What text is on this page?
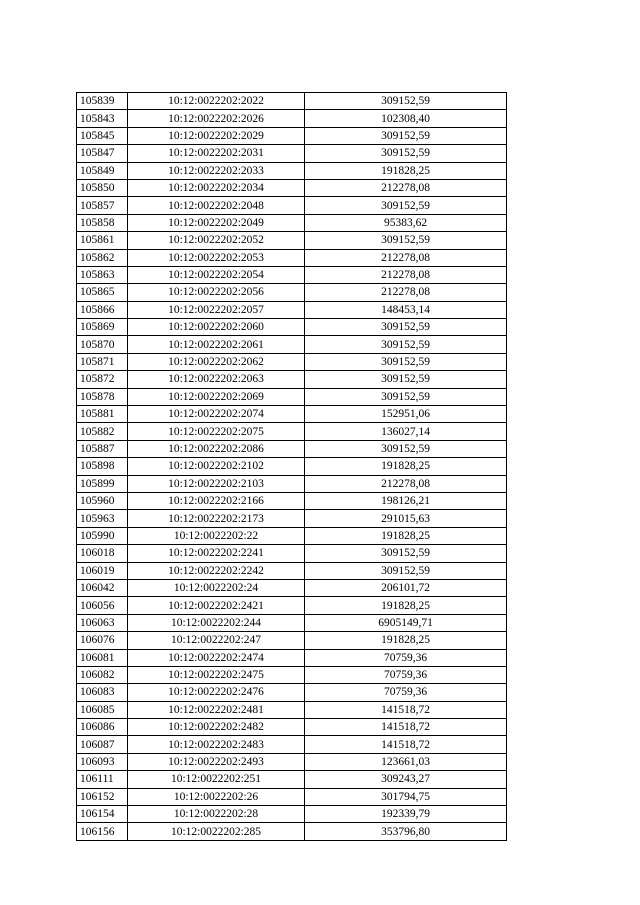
105839	10:12:0022202:2022	309152,59
105843	10:12:0022202:2026	102308,40
105845	10:12:0022202:2029	309152,59
105847	10:12:0022202:2031	309152,59
105849	10:12:0022202:2033	191828,25
105850	10:12:0022202:2034	212278,08
105857	10:12:0022202:2048	309152,59
105858	10:12:0022202:2049	95383,62
105861	10:12:0022202:2052	309152,59
105862	10:12:0022202:2053	212278,08
105863	10:12:0022202:2054	212278,08
105865	10:12:0022202:2056	212278,08
105866	10:12:0022202:2057	148453,14
105869	10:12:0022202:2060	309152,59
105870	10:12:0022202:2061	309152,59
105871	10:12:0022202:2062	309152,59
105872	10:12:0022202:2063	309152,59
105878	10:12:0022202:2069	309152,59
105881	10:12:0022202:2074	152951,06
105882	10:12:0022202:2075	136027,14
105887	10:12:0022202:2086	309152,59
105898	10:12:0022202:2102	191828,25
105899	10:12:0022202:2103	212278,08
105960	10:12:0022202:2166	198126,21
105963	10:12:0022202:2173	291015,63
105990	10:12:0022202:22	191828,25
106018	10:12:0022202:2241	309152,59
106019	10:12:0022202:2242	309152,59
106042	10:12:0022202:24	206101,72
106056	10:12:0022202:2421	191828,25
106063	10:12:0022202:244	6905149,71
106076	10:12:0022202:247	191828,25
106081	10:12:0022202:2474	70759,36
106082	10:12:0022202:2475	70759,36
106083	10:12:0022202:2476	70759,36
106085	10:12:0022202:2481	141518,72
106086	10:12:0022202:2482	141518,72
106087	10:12:0022202:2483	141518,72
106093	10:12:0022202:2493	123661,03
106111	10:12:0022202:251	309243,27
106152	10:12:0022202:26	301794,75
106154	10:12:0022202:28	192339,79
106156	10:12:0022202:285	353796,80
